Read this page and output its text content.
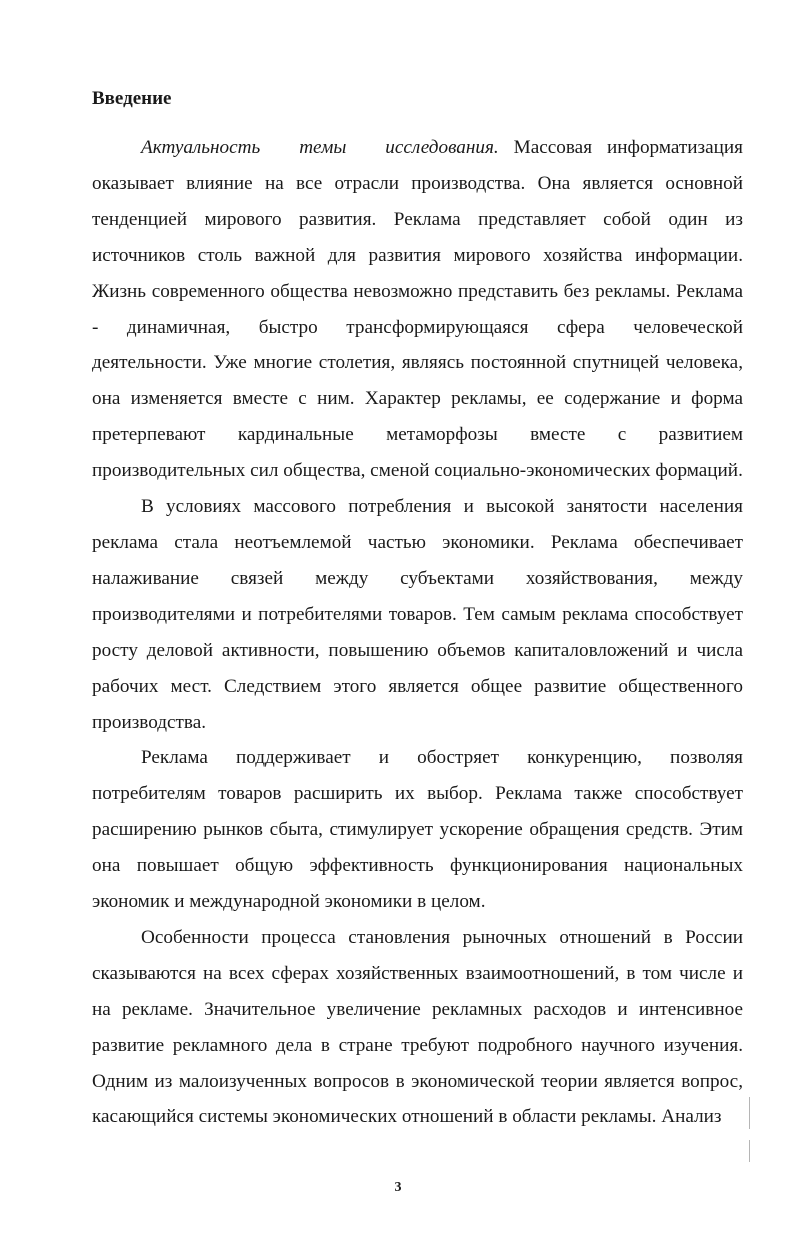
Введение

Актуальность темы исследования. Массовая информатизация оказывает влияние на все отрасли производства. Она является основной тенденцией мирового развития. Реклама представляет собой один из источников столь важной для развития мирового хозяйства информации. Жизнь современного общества невозможно представить без рекламы. Реклама - динамичная, быстро трансформирующаяся сфера человеческой деятельности. Уже многие столетия, являясь постоянной спутницей человека, она изменяется вместе с ним. Характер рекламы, ее содержание и форма претерпевают кардинальные метаморфозы вместе с развитием производительных сил общества, сменой социально-экономических формаций.

В условиях массового потребления и высокой занятости населения реклама стала неотъемлемой частью экономики. Реклама обеспечивает налаживание связей между субъектами хозяйствования, между производителями и потребителями товаров. Тем самым реклама способствует росту деловой активности, повышению объемов капиталовложений и числа рабочих мест. Следствием этого является общее развитие общественного производства.

Реклама поддерживает и обостряет конкуренцию, позволяя потребителям товаров расширить их выбор. Реклама также способствует расширению рынков сбыта, стимулирует ускорение обращения средств. Этим она повышает общую эффективность функционирования национальных экономик и международной экономики в целом.

Особенности процесса становления рыночных отношений в России сказываются на всех сферах хозяйственных взаимоотношений, в том числе и на рекламе. Значительное увеличение рекламных расходов и интенсивное развитие рекламного дела в стране требуют подробного научного изучения. Одним из малоизученных вопросов в экономической теории является вопрос, касающийся системы экономических отношений в области рекламы. Анализ

3
